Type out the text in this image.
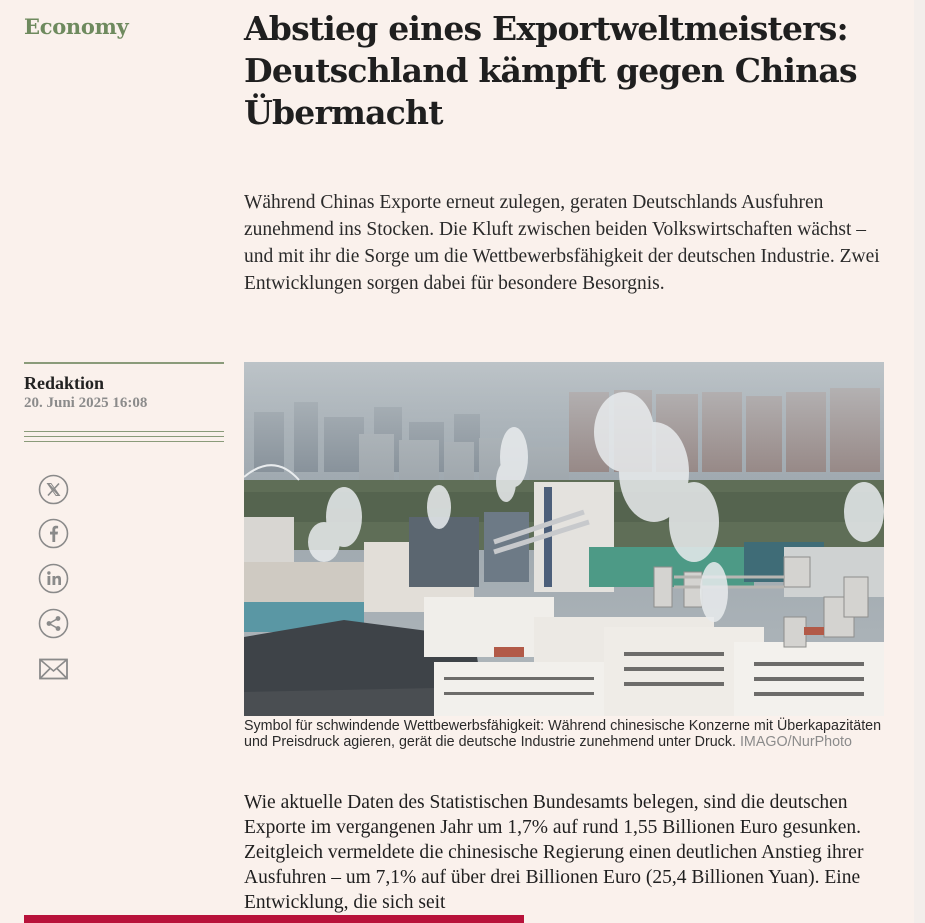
Economy	Abstieg eines Exportweltmeisters: Deutschland kämpft gegen Chinas Übermacht

Während Chinas Exporte erneut zulegen, geraten Deutschlands Ausfuhren zunehmend ins Stocken. Die Kluft zwischen beiden Volkswirtschaften wächst – und mit ihr die Sorge um die Wettbewerbsfähigkeit der deutschen Industrie. Zwei Entwicklungen sorgen dabei für besondere Besorgnis.

Redaktion
20. Juni 2025 16:08
Symbol für schwindende Wettbewerbsfähigkeit: Während chinesische Konzerne mit Überkapazitäten und Preisdruck agieren, gerät die deutsche Industrie zunehmend unter Druck. IMAGO/NurPhoto

Wie aktuelle Daten des Statistischen Bundesamts belegen, sind die deutschen Exporte im vergangenen Jahr um 1,7% auf rund 1,55 Billionen Euro gesunken. Zeitgleich vermeldete die chinesische Regierung einen deutlichen Anstieg ihrer Ausfuhren – um 7,1% auf über drei Billionen Euro (25,4 Billionen Yuan). Eine Entwicklung, die sich seit
